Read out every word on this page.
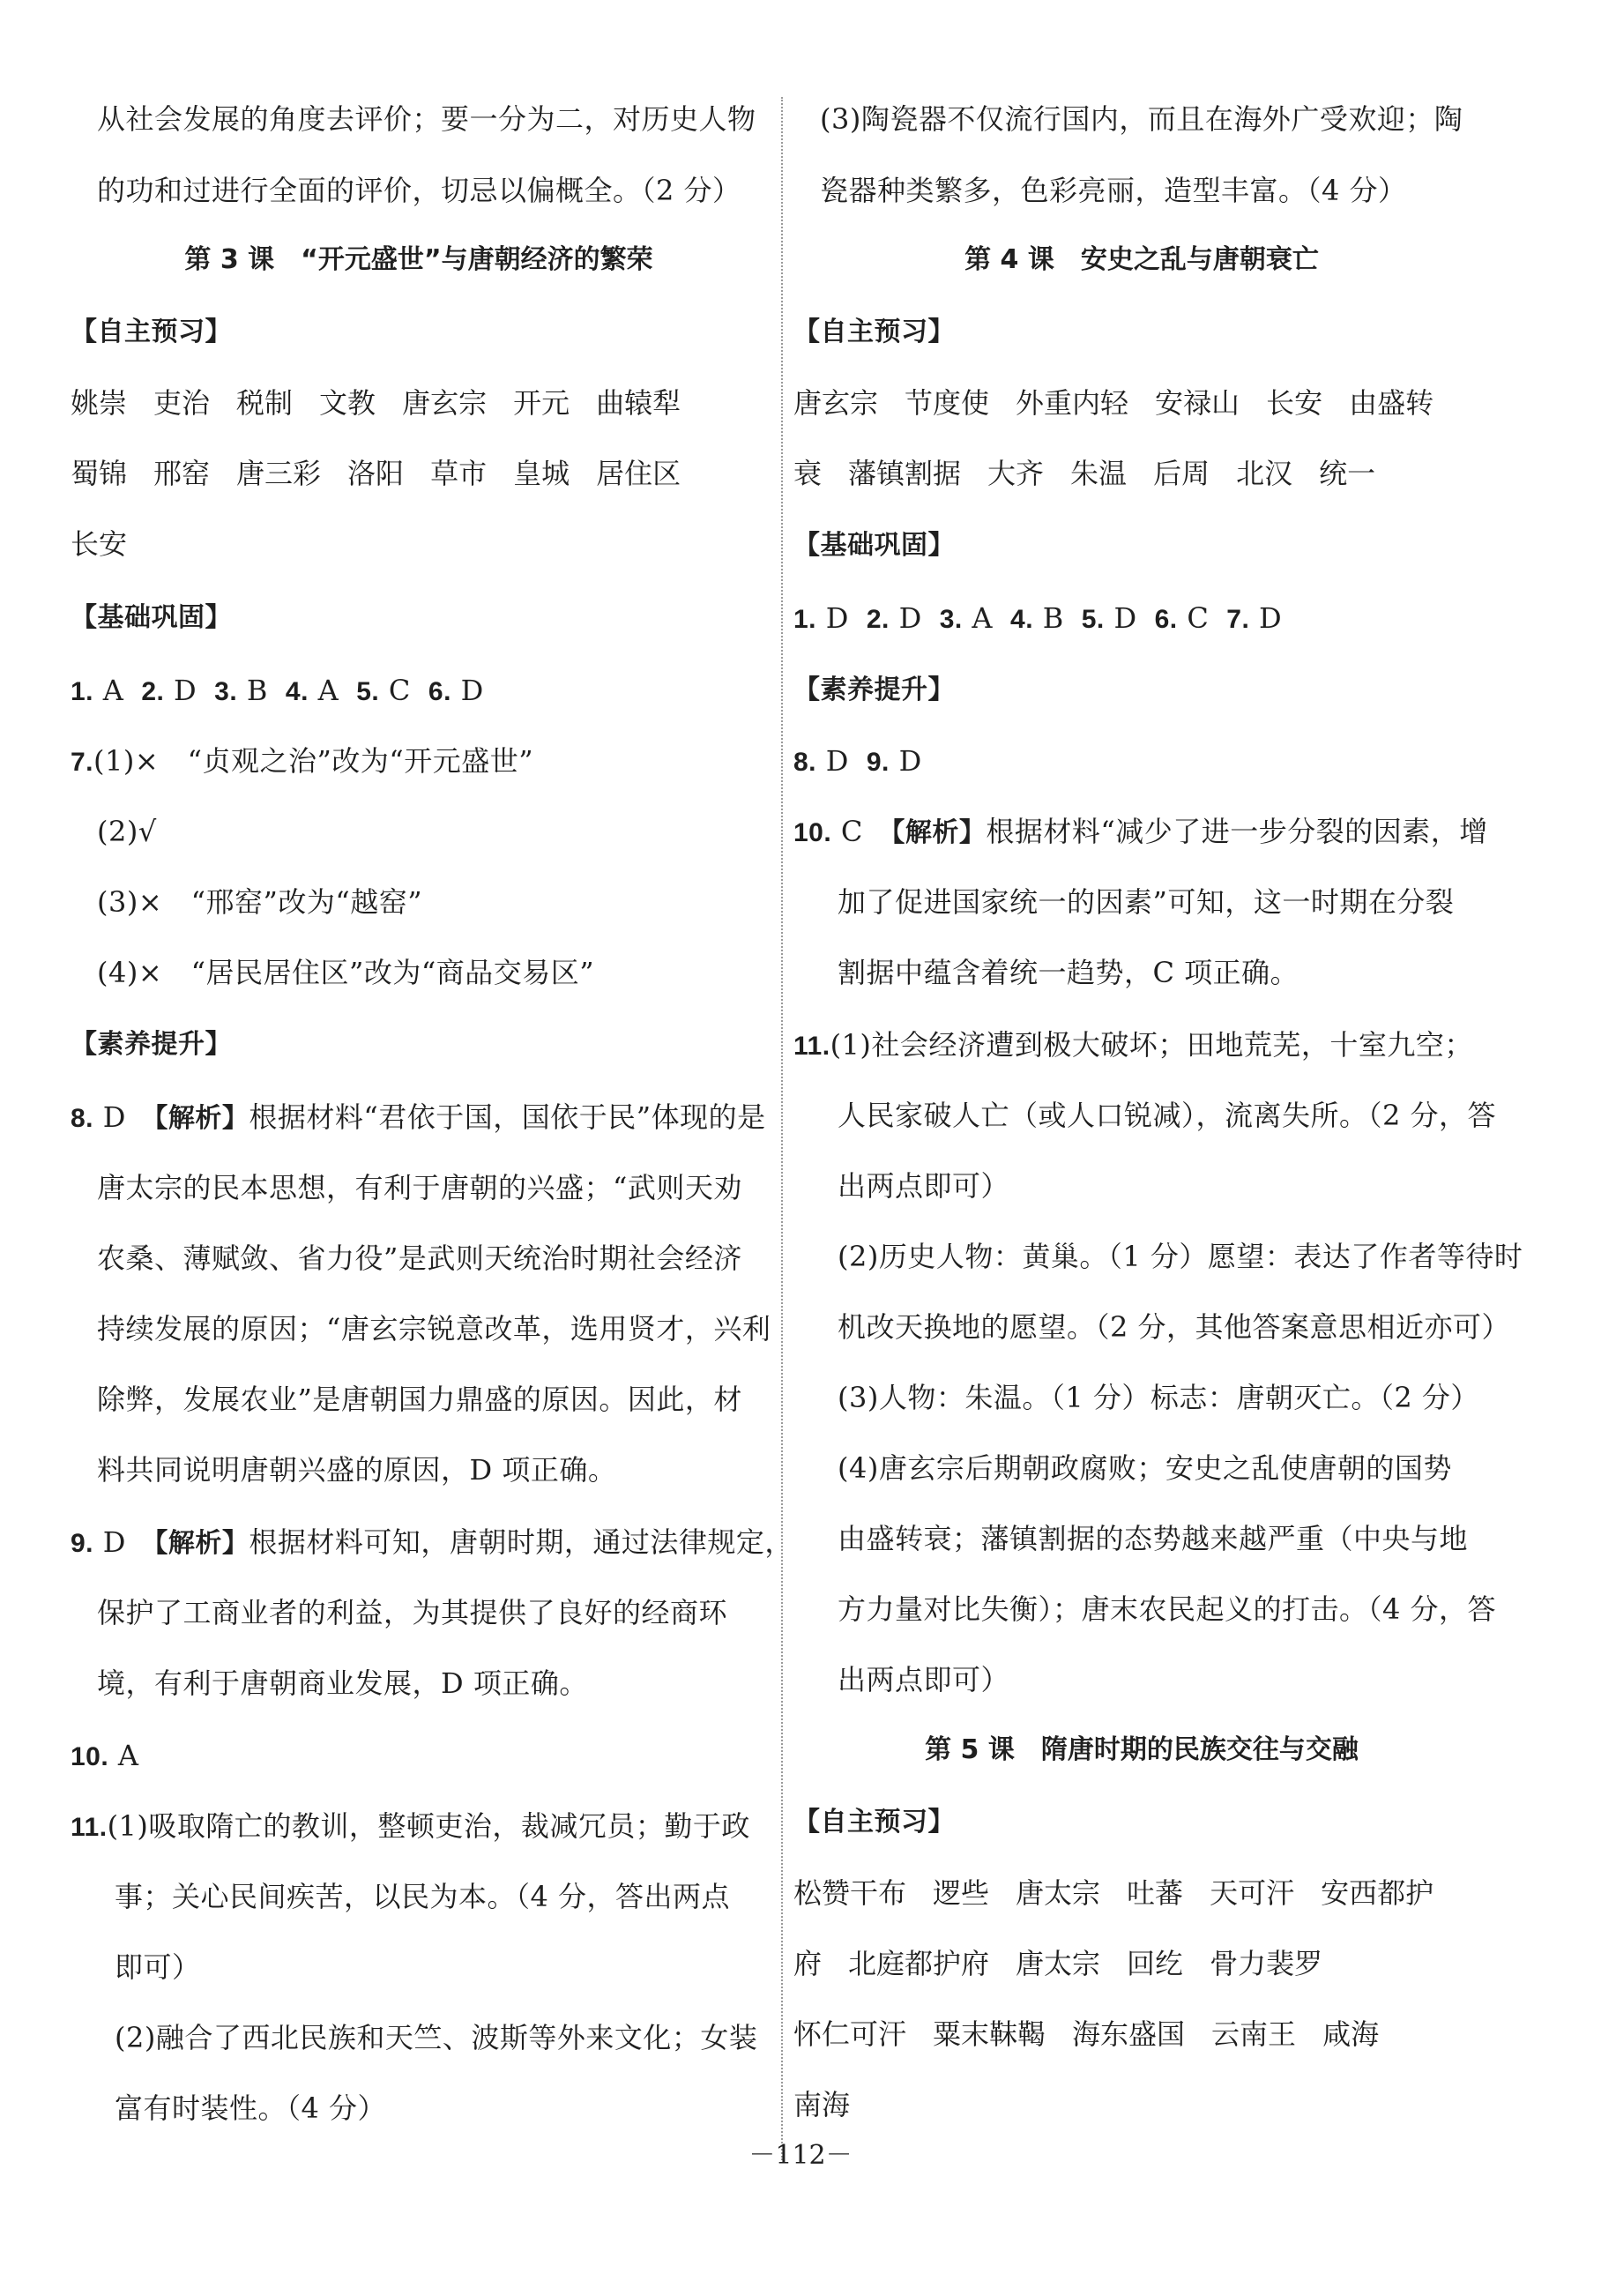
从社会发展的角度去评价；要一分为二，对历史人物
的功和过进行全面的评价，切忌以偏概全。（2 分）
第 3 课　“开元盛世”与唐朝经济的繁荣
【自主预习】
姚崇 吏治 税制 文教 唐玄宗 开元 曲辕犁
蜀锦 邢窑 唐三彩 洛阳 草市 皇城 居住区
长安
【基础巩固】
1. A 2. D 3. B 4. A 5. C 6. D
7.(1)×　“贞观之治”改为“开元盛世”
(2)√
(3)×　“邢窑”改为“越窑”
(4)×　“居民居住区”改为“商品交易区”
【素养提升】
8. D　 【解析】根据材料“君依于国，国依于民”体现的是
唐太宗的民本思想，有利于唐朝的兴盛；“武则天劝
农桑、薄赋敛、省力役”是武则天统治时期社会经济
持续发展的原因；“唐玄宗锐意改革，选用贤才，兴利
除弊，发展农业”是唐朝国力鼎盛的原因。因此，材
料共同说明唐朝兴盛的原因，D 项正确。
9. D　 【解析】根据材料可知，唐朝时期，通过法律规定，
保护了工商业者的利益，为其提供了良好的经商环
境，有利于唐朝商业发展，D 项正确。
10. A
11.(1)吸取隋亡的教训，整顿吏治，裁减冗员；勤于政
事；关心民间疾苦，以民为本。（4 分，答出两点
即可）
(2)融合了西北民族和天竺、波斯等外来文化；女装
富有时装性。（4 分）
(3)陶瓷器不仅流行国内，而且在海外广受欢迎；陶
瓷器种类繁多，色彩亮丽，造型丰富。（4 分）
第 4 课　安史之乱与唐朝衰亡
【自主预习】
唐玄宗 节度使 外重内轻 安禄山 长安 由盛转
衰 藩镇割据 大齐 朱温 后周 北汉 统一
【基础巩固】
1. D 2. D 3. A 4. B 5. D 6. C 7. D
【素养提升】
8. D 9. D
10. C　 【解析】根据材料“减少了进一步分裂的因素，增
加了促进国家统一的因素”可知，这一时期在分裂
割据中蕴含着统一趋势，C 项正确。
11.(1)社会经济遭到极大破坏；田地荒芜，十室九空；
人民家破人亡（或人口锐减），流离失所。（2 分，答
出两点即可）
(2)历史人物：黄巢。（1 分）愿望：表达了作者等待时
机改天换地的愿望。（2 分，其他答案意思相近亦可）
(3)人物：朱温。（1 分）标志：唐朝灭亡。（2 分）
(4)唐玄宗后期朝政腐败；安史之乱使唐朝的国势
由盛转衰；藩镇割据的态势越来越严重（中央与地
方力量对比失衡）；唐末农民起义的打击。（4 分，答
出两点即可）
第 5 课　隋唐时期的民族交往与交融
【自主预习】
松赞干布 逻些 唐太宗 吐蕃 天可汗 安西都护
府 北庭都护府 唐太宗 回纥 骨力裴罗
怀仁可汗 粟末靺鞨 海东盛国 云南王 咸海
南海
－112－
